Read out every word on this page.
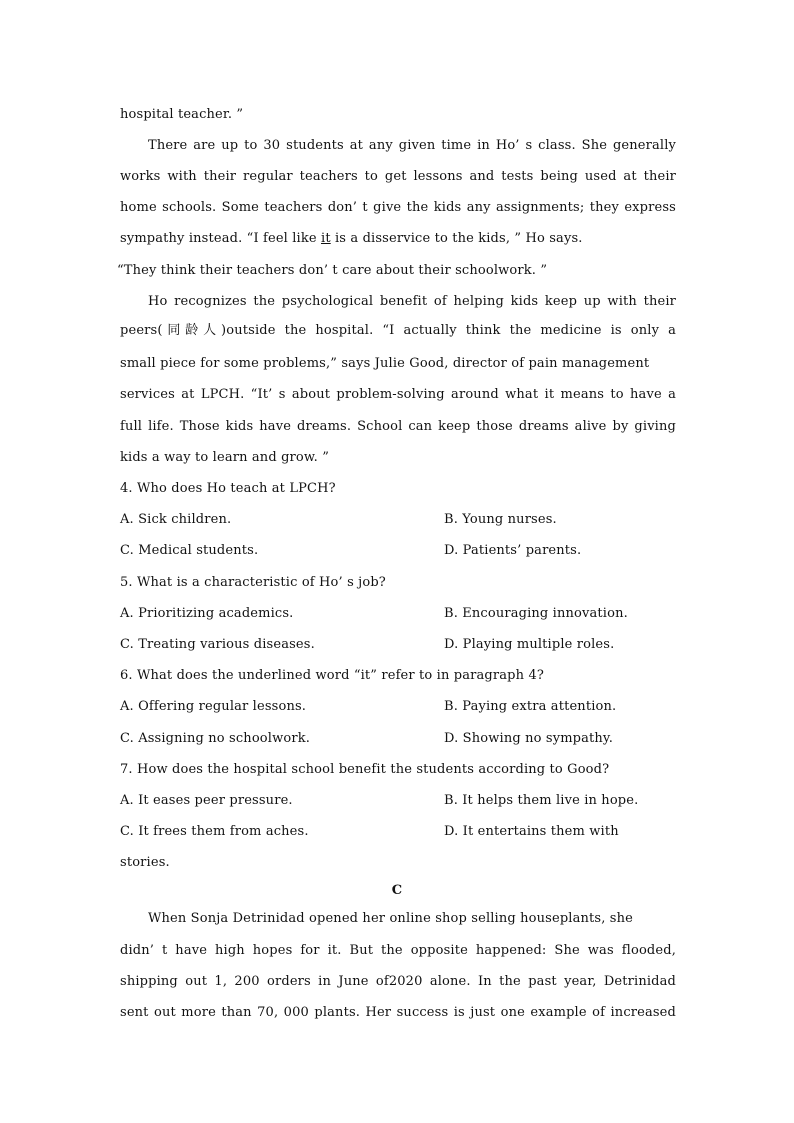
hospital teacher. ”
There are up to 30 students at any given time in Ho’ s class. She generally
works with their regular teachers to get lessons and tests being used at their
home schools. Some teachers don’ t give the kids any assignments; they express
sympathy instead. “I feel like it is a disservice to the kids, ” Ho says.
“They think their teachers don’ t care about their schoolwork. ”
Ho recognizes the psychological benefit of helping kids keep up with their
peers(同龄人)outside the hospital. “I actually think the medicine is only a
small piece for some problems,” says Julie Good, director of pain management
services at LPCH. “It’ s about problem-solving around what it means to have a
full life. Those kids have dreams. School can keep those dreams alive by giving
kids a way to learn and grow. ”
4. Who does Ho teach at LPCH?
A. Sick children.	B. Young nurses.
C. Medical students.	D. Patients’ parents.
5. What is a characteristic of Ho’ s job?
A. Prioritizing academics.	B. Encouraging innovation.
C. Treating various diseases.	D. Playing multiple roles.
6. What does the underlined word “it” refer to in paragraph 4?
A. Offering regular lessons.	B. Paying extra attention.
C. Assigning no schoolwork.	D. Showing no sympathy.
7. How does the hospital school benefit the students according to Good?
A. It eases peer pressure.	B. It helps them live in hope.
C. It frees them from aches.	D. It entertains them with
stories.
C
When Sonja Detrinidad opened her online shop selling houseplants, she
didn’ t have high hopes for it. But the opposite happened: She was flooded,
shipping out 1, 200 orders in June of2020 alone. In the past year, Detrinidad
sent out more than 70, 000 plants. Her success is just one example of increased
